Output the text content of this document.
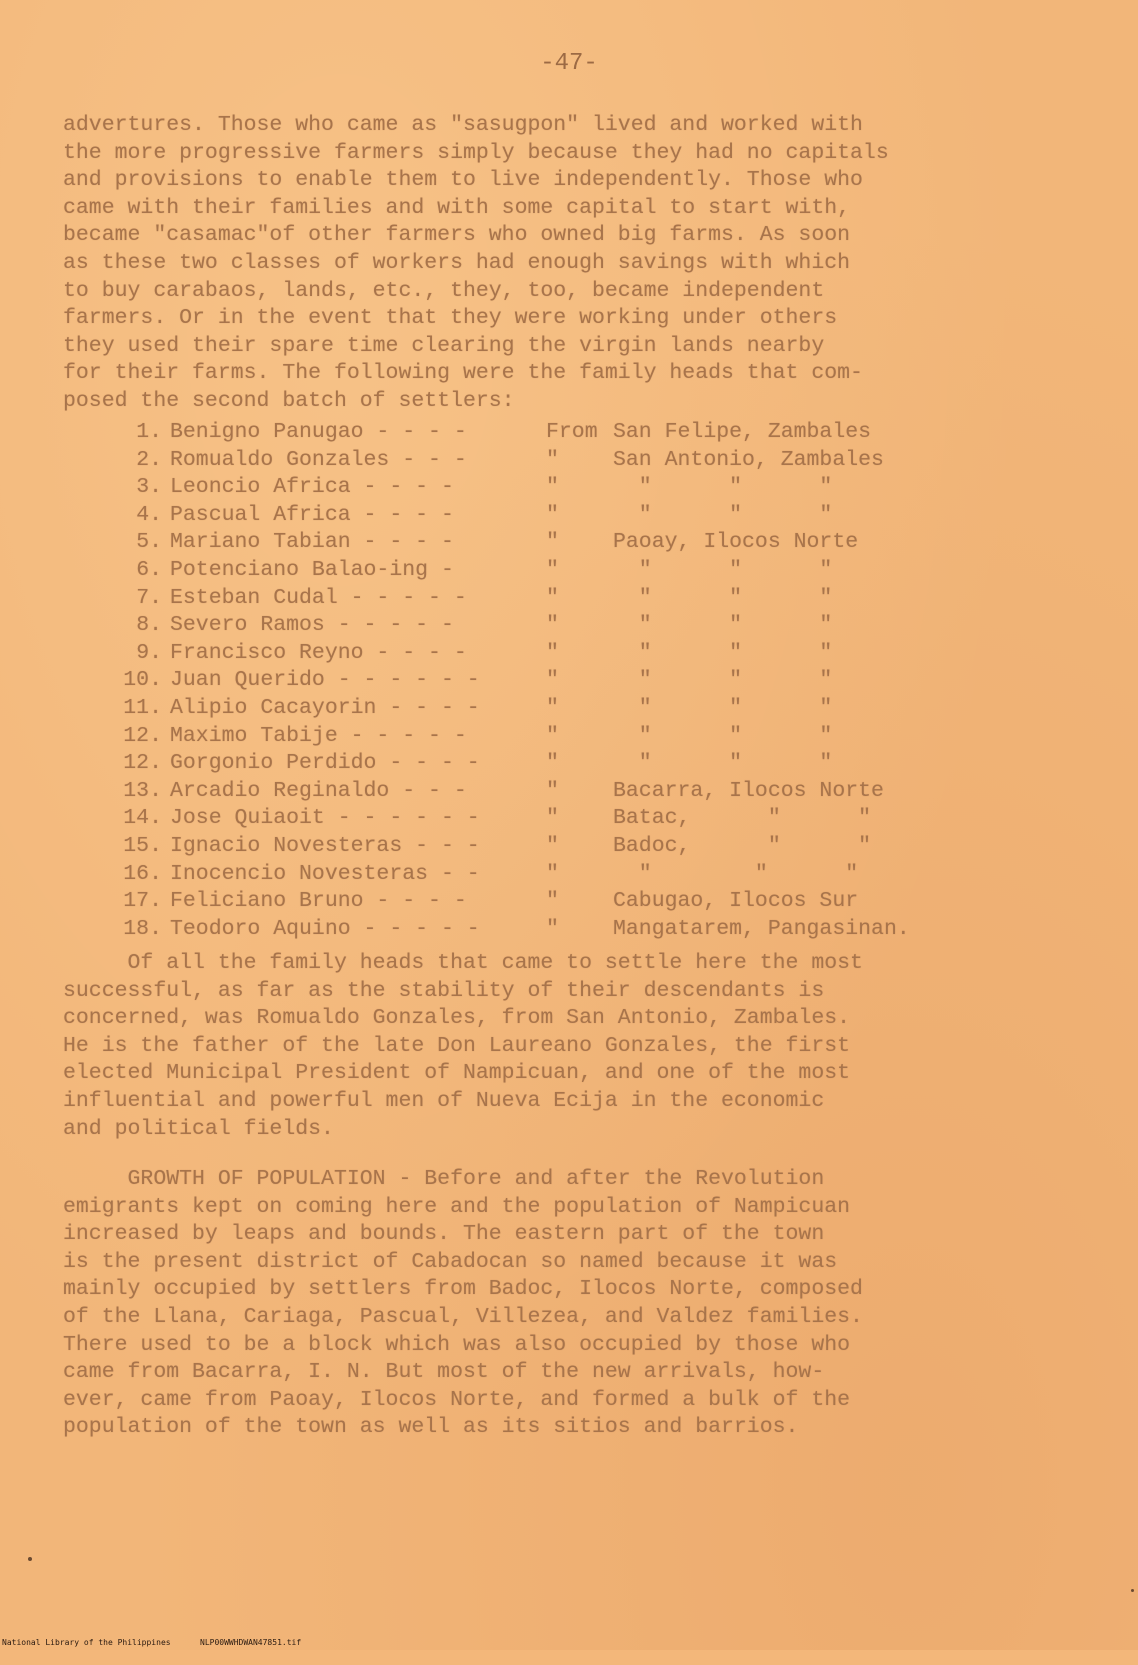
-47-
advertures. Those who came as "sasugpon" lived and worked with
the more progressive farmers simply because they had no capitals
and provisions to enable them to live independently. Those who
came with their families and with some capital to start with,
became "casamac"of other farmers who owned big farms. As soon
as these two classes of workers had enough savings with which
to buy carabaos, lands, etc., they, too, became independent
farmers. Or in the event that they were working under others
they used their spare time clearing the virgin lands nearby
for their farms. The following were the family heads that com-
posed the second batch of settlers:
1. Benigno Panugao - - - -	From San Felipe, Zambales
2. Romualdo Gonzales - - -	"	San Antonio, Zambales
3. Leoncio Africa - - - -	"	"      "      "
4. Pascual Africa - - - -	"	"      "      "
5. Mariano Tabian - - - -	"	Paoay, Ilocos Norte
6. Potenciano Balao-ing -	"	"      "      "
7. Esteban Cudal - - - - -	"	"      "      "
8. Severo Ramos - - - - -	"	"      "      "
9. Francisco Reyno - - - -	"	"      "      "
10. Juan Querido - - - - - -	"	"      "      "
11. Alipio Cacayorin - - - -	"	"      "      "
12. Maximo Tabije - - - - -	"	"      "      "
12. Gorgonio Perdido - - - -	"	"      "      "
13. Arcadio Reginaldo - - -	"	Bacarra, Ilocos Norte
14. Jose Quiaoit - - - - - -	"	Batac,      "      "
15. Ignacio Novesteras - - -	"	Badoc,      "      "
16. Inocencio Novesteras - -	"	"        "      "
17. Feliciano Bruno - - - -	"	Cabugao, Ilocos Sur
18. Teodoro Aquino - - - - -	"	Mangatarem, Pangasinan.
Of all the family heads that came to settle here the most
successful, as far as the stability of their descendants is
concerned, was Romualdo Gonzales, from San Antonio, Zambales.
He is the father of the late Don Laureano Gonzales, the first
elected Municipal President of Nampicuan, and one of the most
influential and powerful men of Nueva Ecija in the economic
and political fields.
GROWTH OF POPULATION - Before and after the Revolution
emigrants kept on coming here and the population of Nampicuan
increased by leaps and bounds. The eastern part of the town
is the present district of Cabadocan so named because it was
mainly occupied by settlers from Badoc, Ilocos Norte, composed
of the Llana, Cariaga, Pascual, Villezea, and Valdez families.
There used to be a block which was also occupied by those who
came from Bacarra, I. N. But most of the new arrivals, how-
ever, came from Paoay, Ilocos Norte, and formed a bulk of the
population of the town as well as its sitios and barrios.

National Library of the Philippines

	NLP00WWHDWAN47851.tif
